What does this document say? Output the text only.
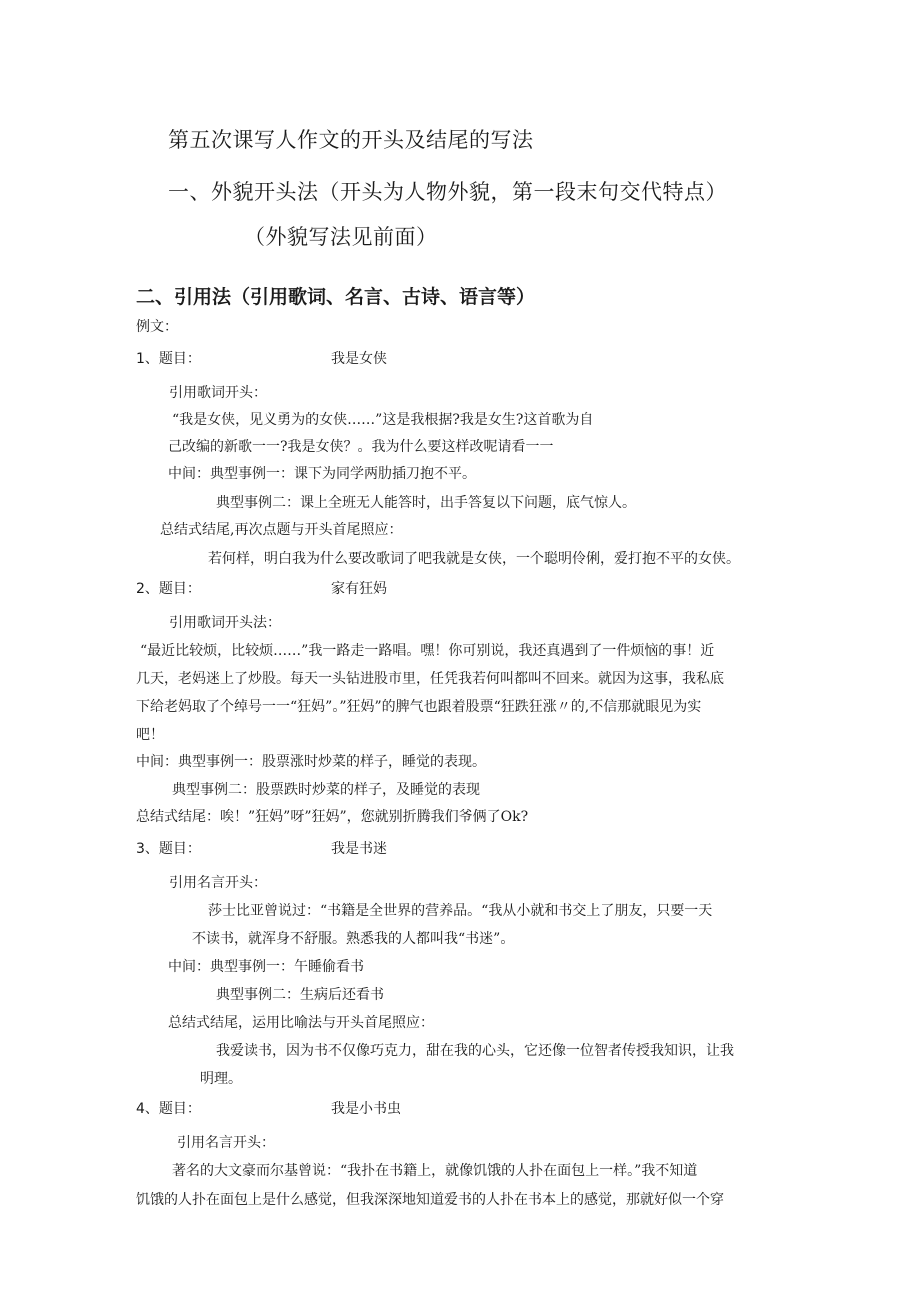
第五次课写人作文的开头及结尾的写法
一、外貌开头法（开头为人物外貌，第一段末句交代特点）
（外貌写法见前面）
二、引用法（引用歌词、名言、古诗、语言等）
例文：
1、题目：	我是女侠
引用歌词开头：
“我是女侠，见义勇为的女侠……”这是我根据?我是女生?这首歌为自
己改编的新歌一一?我是女侠？。我为什么要这样改呢请看一一
中间：典型事例一：课下为同学两肋插刀抱不平。
典型事例二：课上全班无人能答时，出手答复以下问题，底气惊人。
总结式结尾,再次点题与开头首尾照应：
若何样，明白我为什么要改歌词了吧我就是女侠，一个聪明伶俐，爱打抱不平的女侠。
2、题目：	家有狂妈
引用歌词开头法：
“最近比较烦，比较烦……”我一路走一路唱。嘿！你可别说，我还真遇到了一件烦恼的事！近
几天，老妈迷上了炒股。每天一头钻进股市里，任凭我若何叫都叫不回来。就因为这事，我私底
下给老妈取了个绰号一一“狂妈”。”狂妈”的脾气也跟着股票“狂跌狂涨〃的,不信那就眼见为实
吧！
中间：典型事例一：股票涨时炒菜的样子，睡觉的表现。
典型事例二：股票跌时炒菜的样子，及睡觉的表现
总结式结尾：唉！”狂妈”呀”狂妈”，您就别折腾我们爷俩了Ok?
3、题目：	我是书迷
引用名言开头：
莎士比亚曾说过：“书籍是全世界的营养品。“我从小就和书交上了朋友，只要一天
不读书，就浑身不舒服。熟悉我的人都叫我“书迷”。
中间：典型事例一：午睡偷看书
典型事例二：生病后还看书
总结式结尾，运用比喻法与开头首尾照应：
我爱读书，因为书不仅像巧克力，甜在我的心头，它还像一位智者传授我知识，让我
明理。
4、题目：	我是小书虫
引用名言开头：
著名的大文豪而尔基曾说：“我扑在书籍上，就像饥饿的人扑在面包上一样。”我不知道
饥饿的人扑在面包上是什么感觉，但我深深地知道爱书的人扑在书本上的感觉，那就好似一个穿
